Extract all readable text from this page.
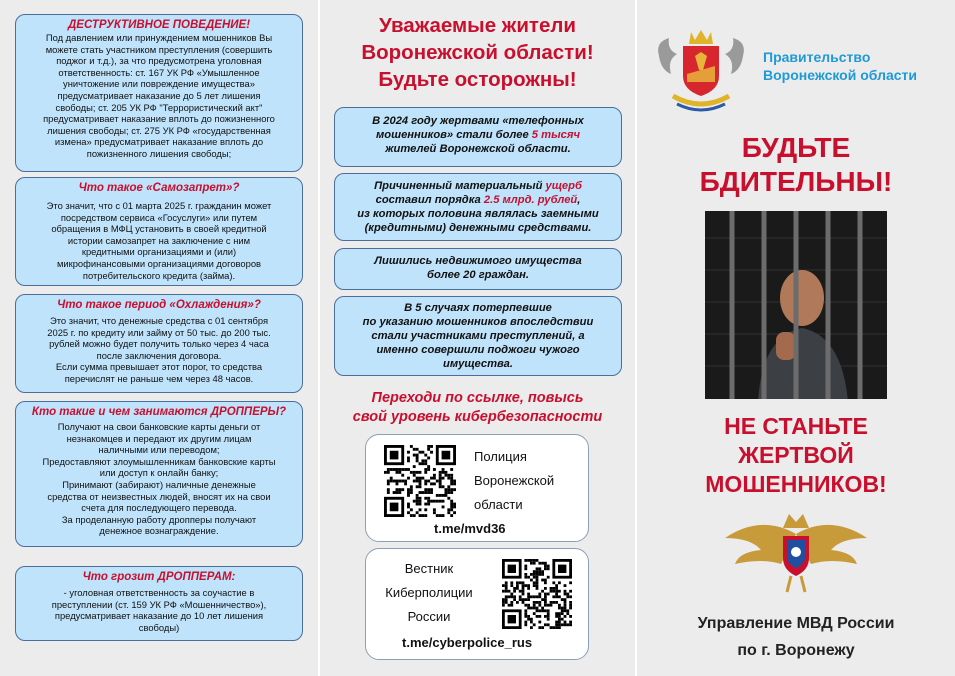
ДЕСТРУКТИВНОЕ ПОВЕДЕНИЕ!
Под давлением или принуждением мошенников Вы
можете стать участником преступления (совершить
поджог и т.д.), за что предусмотрена уголовная
ответственность: ст. 167 УК РФ «Умышленное
уничтожение или повреждение имущества»
предусматривает наказание до 5 лет лишения
свободы; ст. 205 УК РФ "Террористический акт"
предусматривает наказание вплоть до пожизненного
лишения свободы; ст. 275 УК РФ «государственная
измена» предусматривает наказание вплоть до
пожизненного лишения свободы;
Что такое «Самозапрет»?
Это значит, что с 01 марта 2025 г. гражданин может
посредством сервиса «Госуслуги» или путем
обращения в МФЦ установить в своей кредитной
истории самозапрет на заключение с ним
кредитными организациями и (или)
микрофинансовыми организациями договоров
потребительского кредита (займа).
Что такое период «Охлаждения»?
Это значит, что денежные средства с 01 сентября
2025 г. по кредиту или займу от 50 тыс. до 200 тыс.
рублей можно будет получить только через 4 часа
после заключения договора.
Если сумма превышает этот порог, то средства
перечислят не раньше чем через 48 часов.
Кто такие и чем занимаются ДРОППЕРЫ?
Получают на свои банковские карты деньги от
незнакомцев и передают их другим лицам
наличными или переводом;
Предоставляют злоумышленникам банковские карты
или доступ к онлайн банку;
Принимают (забирают) наличные денежные
средства от неизвестных людей, вносят их на свои
счета для последующего перевода.
За проделанную работу дропперы получают
денежное вознаграждение.
Что грозит ДРОППЕРАМ:
- уголовная ответственность за соучастие в
преступлении (ст. 159 УК РФ «Мошенничество»),
предусматривает наказание до 10 лет лишения
свободы)
Уважаемые жители
Воронежской области!
Будьте осторожны!
В 2024 году жертвами «телефонных
мошенников» стали более 5 тысяч
жителей Воронежской области.
Причиненный материальный ущерб
составил порядка 2.5 млрд. рублей,
из которых половина являлась заемными
(кредитными) денежными средствами.
Лишились недвижимого имущества
более 20 граждан.
В 5 случаях потерпевшие
по указанию мошенников впоследствии
стали участниками преступлений, а
именно совершили поджоги чужого
имущества.
Переходи по ссылке, повысь
свой уровень кибербезопасности
Полиция
Воронежской
области
t.me/mvd36
Вестник
Киберполиции
России
t.me/cyberpolice_rus
Правительство
Воронежской области
БУДЬТЕ
БДИТЕЛЬНЫ!
НЕ СТАНЬТЕ
ЖЕРТВОЙ
МОШЕННИКОВ!
Управление МВД России
по г. Воронежу
